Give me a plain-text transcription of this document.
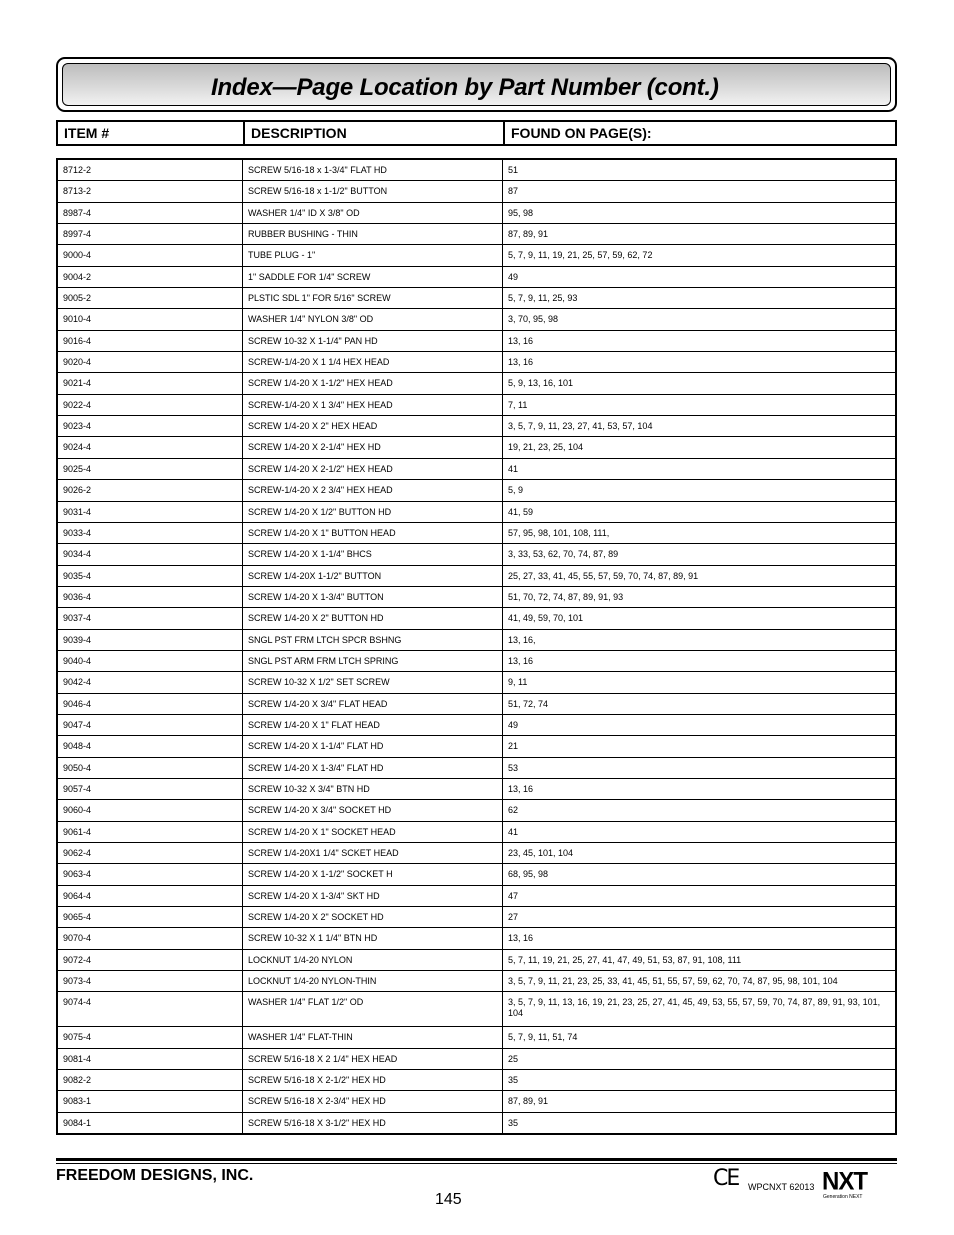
Index—Page Location by Part Number (cont.)
ITEM #	DESCRIPTION	FOUND ON PAGE(S):
8712-2	SCREW 5/16-18 x 1-3/4" FLAT HD	51
8713-2	SCREW 5/16-18 x 1-1/2" BUTTON	87
8987-4	WASHER 1/4" ID X 3/8" OD	95, 98
8997-4	RUBBER BUSHING - THIN	87, 89, 91
9000-4	TUBE PLUG - 1"	5, 7, 9, 11, 19, 21, 25, 57, 59, 62, 72
9004-2	1" SADDLE FOR 1/4" SCREW	49
9005-2	PLSTIC SDL 1" FOR 5/16" SCREW	5, 7, 9, 11, 25, 93
9010-4	WASHER 1/4" NYLON 3/8" OD	3, 70, 95, 98
9016-4	SCREW 10-32 X 1-1/4" PAN HD	13, 16
9020-4	SCREW-1/4-20 X 1 1/4 HEX HEAD	13, 16
9021-4	SCREW 1/4-20 X 1-1/2" HEX HEAD	5, 9, 13, 16, 101
9022-4	SCREW-1/4-20 X 1 3/4" HEX HEAD	7, 11
9023-4	SCREW 1/4-20 X 2" HEX HEAD	3, 5, 7, 9, 11, 23, 27, 41, 53, 57, 104
9024-4	SCREW 1/4-20 X 2-1/4" HEX HD	19, 21, 23, 25, 104
9025-4	SCREW 1/4-20 X 2-1/2" HEX HEAD	41
9026-2	SCREW-1/4-20 X 2 3/4" HEX HEAD	5, 9
9031-4	SCREW 1/4-20 X 1/2" BUTTON HD	41, 59
9033-4	SCREW 1/4-20 X 1" BUTTON HEAD	57, 95, 98, 101, 108, 111,
9034-4	SCREW 1/4-20 X 1-1/4" BHCS	3, 33, 53, 62, 70, 74, 87, 89
9035-4	SCREW 1/4-20X 1-1/2" BUTTON	25, 27, 33, 41, 45, 55, 57, 59, 70, 74, 87, 89, 91
9036-4	SCREW 1/4-20 X 1-3/4" BUTTON	51, 70, 72, 74, 87, 89, 91, 93
9037-4	SCREW 1/4-20 X 2" BUTTON HD	41, 49, 59, 70, 101
9039-4	SNGL PST FRM LTCH SPCR BSHNG	13, 16,
9040-4	SNGL PST ARM FRM LTCH SPRING	13, 16
9042-4	SCREW 10-32 X 1/2" SET SCREW	9, 11
9046-4	SCREW 1/4-20 X 3/4" FLAT HEAD	51, 72, 74
9047-4	SCREW 1/4-20 X 1" FLAT HEAD	49
9048-4	SCREW 1/4-20 X 1-1/4" FLAT HD	21
9050-4	SCREW 1/4-20 X 1-3/4" FLAT HD	53
9057-4	SCREW 10-32 X 3/4" BTN HD	13, 16
9060-4	SCREW 1/4-20 X 3/4" SOCKET HD	62
9061-4	SCREW 1/4-20 X 1" SOCKET HEAD	41
9062-4	SCREW 1/4-20X1 1/4" SCKET HEAD	23, 45, 101, 104
9063-4	SCREW 1/4-20 X 1-1/2" SOCKET H	68, 95, 98
9064-4	SCREW 1/4-20 X 1-3/4" SKT HD	47
9065-4	SCREW 1/4-20 X 2" SOCKET HD	27
9070-4	SCREW 10-32 X 1 1/4" BTN HD	13, 16
9072-4	LOCKNUT 1/4-20 NYLON	5, 7, 11, 19, 21, 25, 27, 41, 47, 49, 51, 53, 87, 91, 108, 111
9073-4	LOCKNUT 1/4-20 NYLON-THIN	3, 5, 7, 9, 11, 21, 23, 25, 33, 41, 45, 51, 55, 57, 59, 62, 70, 74, 87, 95, 98, 101, 104
9074-4	WASHER 1/4" FLAT 1/2" OD	3, 5, 7, 9, 11, 13, 16, 19, 21, 23, 25, 27, 41, 45, 49, 53, 55, 57, 59, 70, 74, 87, 89, 91, 93, 101, 104
9075-4	WASHER 1/4" FLAT-THIN	5, 7, 9, 11, 51, 74
9081-4	SCREW 5/16-18 X 2 1/4" HEX HEAD	25
9082-2	SCREW 5/16-18 X 2-1/2" HEX HD	35
9083-1	SCREW 5/16-18 X 2-3/4" HEX HD	87, 89, 91
9084-1	SCREW 5/16-18 X 3-1/2" HEX HD	35
FREEDOM DESIGNS, INC.
145
CE WPCNXT 62013 NXT
Generation NEXT
